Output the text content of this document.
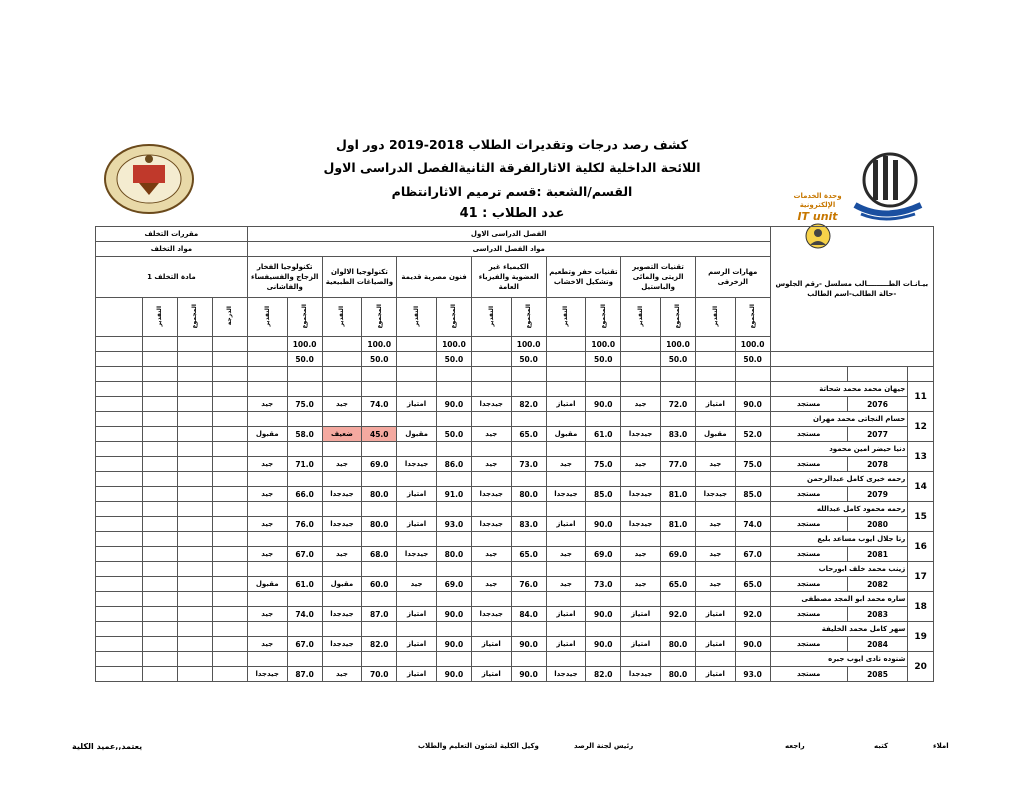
كشف رصد درجات وتقديرات الطلاب 2018-2019 دور اول
اللائحة الداخلية لكلية الاثارالفرقة الثانيةالفصل الدراسى الاول
القسم/الشعبة :قسم ترميم الاثارانتظام
عدد الطلاب : 41
وحدة الخدمات الإلكترونية
IT unit
بيـانـات الطـــــــــالب مسلسل -رقم الجلوس -حالة الطالب-اسم الطالب			الفصل الدراسى الاول														مقررات التخلف			
			مواد الفصل الدراسى														مواد التخلف			
			مهارات الرسم الزخرفى		تقنيات التصوير الزيتى والمائى والباستيل		تقنيات حفر وتطعيم وتشكيل الاخشاب		الكيمياء غير العضوية والفيزياء العامة		فنون مصرية قديمة		تكنولوجيا الالوان والصياغات الطبيعية		تكنولوجيا الفخار الزجاج والفسيفساء والفاشانى		مادة التخلف 1			
			المجموع	التقدير	المجموع	التقدير	المجموع	التقدير	المجموع	التقدير	المجموع	التقدير	المجموع	التقدير	المجموع	التقدير	الدرجة	المجموع	التقدير	
			100.0		100.0		100.0		100.0		100.0		100.0		100.0					
			50.0		50.0		50.0		50.0		50.0		50.0		50.0					

11	جيهان محمد محمد شحاتة																			
	2076	مستجد	90.0	امتياز	72.0	جيد	90.0	امتياز	82.0	جيدجدا	90.0	امتياز	74.0	جيد	75.0	جيد				
12	حسام النجاتى محمد مهران																			
	2077	مستجد	52.0	مقبول	83.0	جيدجدا	61.0	مقبول	65.0	جيد	50.0	مقبول	45.0	ضعيف	58.0	مقبول				
13	دنيا حيضر امين محمود																			
	2078	مستجد	75.0	جيد	77.0	جيد	75.0	جيد	73.0	جيد	86.0	جيدجدا	69.0	جيد	71.0	جيد				
14	رحمه خيرى كامل عبدالرحمن																			
	2079	مستجد	85.0	جيدجدا	81.0	جيدجدا	85.0	جيدجدا	80.0	جيدجدا	91.0	امتياز	80.0	جيدجدا	66.0	جيد				
15	رحمه محمود كامل عبدالله																			
	2080	مستجد	74.0	جيد	81.0	جيدجدا	90.0	امتياز	83.0	جيدجدا	93.0	امتياز	80.0	جيدجدا	76.0	جيد				
16	رنا جلال ايوب مساعد بليع																			
	2081	مستجد	67.0	جيد	69.0	جيد	69.0	جيد	65.0	جيد	80.0	جيدجدا	68.0	جيد	67.0	جيد				
17	زينب محمد خلف ابورحاب																			
	2082	مستجد	65.0	جيد	65.0	جيد	73.0	جيد	76.0	جيد	69.0	جيد	60.0	مقبول	61.0	مقبول				
18	ساره محمد ابو المجد مصطفى																			
	2083	مستجد	92.0	امتياز	92.0	امتياز	90.0	امتياز	84.0	جيدجدا	90.0	امتياز	87.0	جيدجدا	74.0	جيد				
19	سهر كامل محمد الخليفة																			
	2084	مستجد	90.0	امتياز	80.0	امتياز	90.0	امتياز	90.0	امتياز	90.0	امتياز	82.0	جيدجدا	67.0	جيد				
20	شنوده نادى ايوب جبره																			
	2085	مستجد	93.0	امتياز	80.0	جيدجدا	82.0	جيدجدا	90.0	امتياز	90.0	امتياز	70.0	جيد	87.0	جيدجدا				
املاء
كتبه
راجعه
رئيس لجنة الرصد
وكيل الكلية لشئون التعليم والطلاب
يعتمد,,عميد الكلية
